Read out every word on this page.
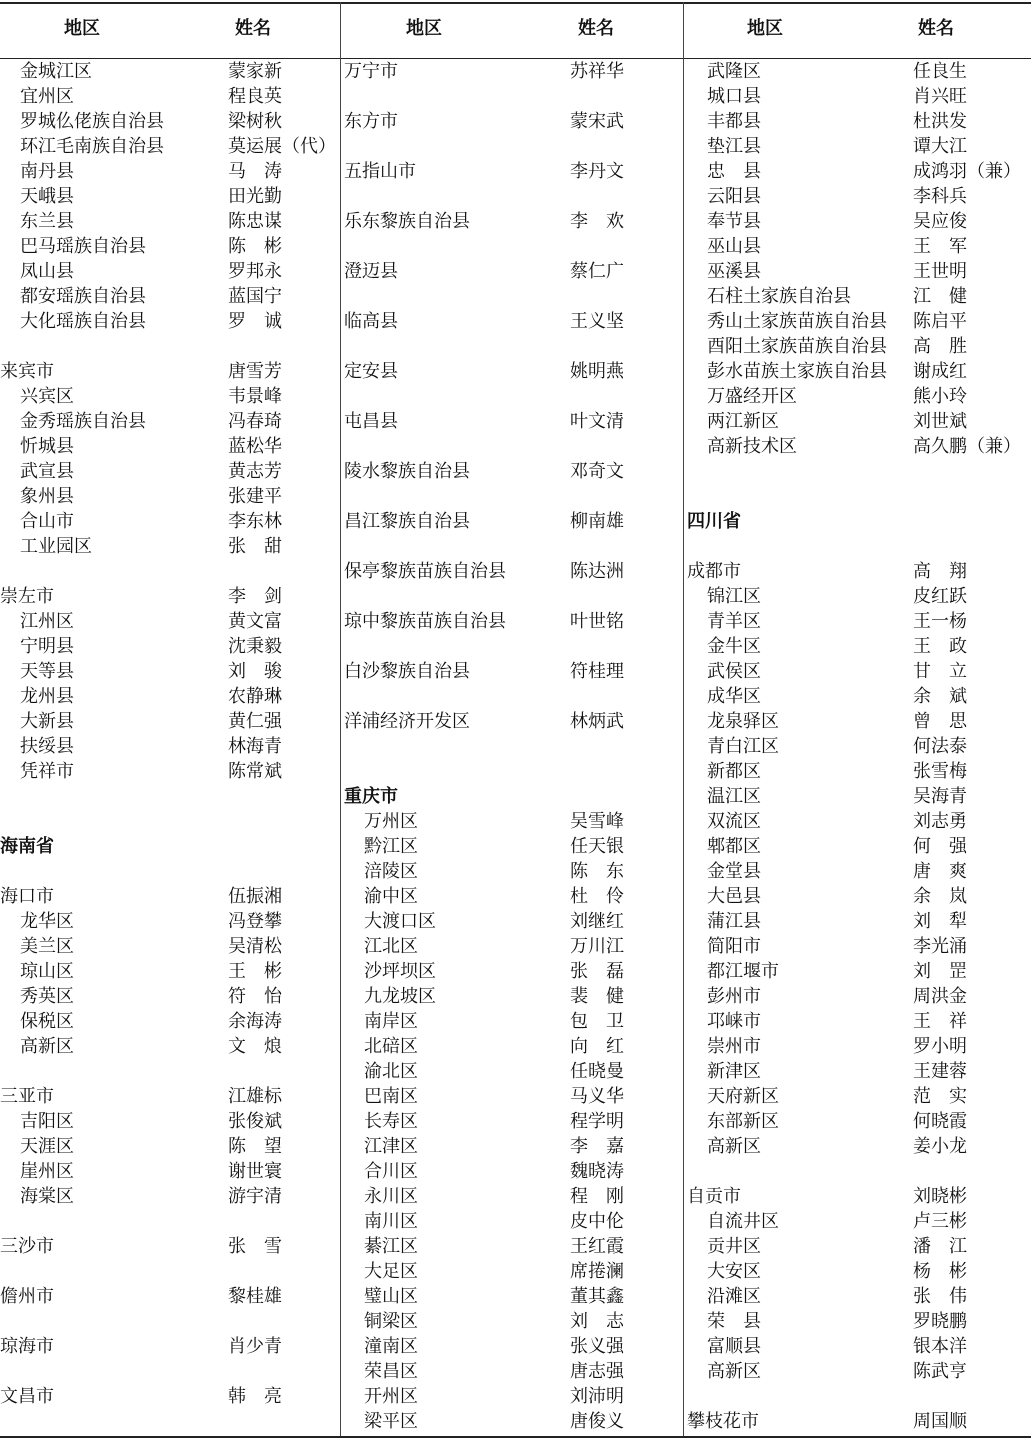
地区	姓名	地区	姓名	地区	姓名
金城江区	蒙家新
宜州区	程良英
罗城仫佬族自治县	梁树秋
环江毛南族自治县	莫运展（代）
南丹县	马　涛
天峨县	田光勤
东兰县	陈忠谋
巴马瑶族自治县	陈　彬
凤山县	罗邦永
都安瑶族自治县	蓝国宁
大化瑶族自治县	罗　诚
来宾市	唐雪芳
兴宾区	韦景峰
金秀瑶族自治县	冯春琦
忻城县	蓝松华
武宣县	黄志芳
象州县	张建平
合山市	李东林
工业园区	张　甜
崇左市	李　剑
江州区	黄文富
宁明县	沈秉毅
天等县	刘　骏
龙州县	农静琳
大新县	黄仁强
扶绥县	林海青
凭祥市	陈常斌
海南省
海口市	伍振湘
龙华区	冯登攀
美兰区	吴清松
琼山区	王　彬
秀英区	符　怡
保税区	余海涛
高新区	文　烺
三亚市	江雄标
吉阳区	张俊斌
天涯区	陈　望
崖州区	谢世寰
海棠区	游宇清
三沙市	张　雪
儋州市	黎桂雄
琼海市	肖少青
文昌市	韩　亮
万宁市	苏祥华
东方市	蒙宋武
五指山市	李丹文
乐东黎族自治县	李　欢
澄迈县	蔡仁广
临高县	王义坚
定安县	姚明燕
屯昌县	叶文清
陵水黎族自治县	邓奇文
昌江黎族自治县	柳南雄
保亭黎族苗族自治县	陈达洲
琼中黎族苗族自治县	叶世铭
白沙黎族自治县	符桂理
洋浦经济开发区	林炳武
重庆市
万州区	吴雪峰
黔江区	任天银
涪陵区	陈　东
渝中区	杜　伶
大渡口区	刘继红
江北区	万川江
沙坪坝区	张　磊
九龙坡区	裴　健
南岸区	包　卫
北碚区	向　红
渝北区	任晓曼
巴南区	马义华
长寿区	程学明
江津区	李　嘉
合川区	魏晓涛
永川区	程　刚
南川区	皮中伦
綦江区	王红霞
大足区	席捲澜
璧山区	董其鑫
铜梁区	刘　志
潼南区	张义强
荣昌区	唐志强
开州区	刘沛明
梁平区	唐俊义
武隆区	任良生
城口县	肖兴旺
丰都县	杜洪发
垫江县	谭大江
忠　县	成鸿羽（兼）
云阳县	李科兵
奉节县	吴应俊
巫山县	王　军
巫溪县	王世明
石柱土家族自治县	江　健
秀山土家族苗族自治县 陈启平
酉阳土家族苗族自治县 高　胜
彭水苗族土家族自治县 谢成红
万盛经开区	熊小玲
两江新区	刘世斌
高新技术区	高久鹏（兼）
四川省
成都市	高　翔
锦江区	皮红跃
青羊区	王一杨
金牛区	王　政
武侯区	甘　立
成华区	余　斌
龙泉驿区	曾　思
青白江区	何法泰
新都区	张雪梅
温江区	吴海青
双流区	刘志勇
郫都区	何　强
金堂县	唐　爽
大邑县	余　岚
蒲江县	刘　犁
简阳市	李光涌
都江堰市	刘　罡
彭州市	周洪金
邛崃市	王　祥
崇州市	罗小明
新津区	王建蓉
天府新区	范　实
东部新区	何晓霞
高新区	姜小龙
自贡市	刘晓彬
自流井区	卢三彬
贡井区	潘　江
大安区	杨　彬
沿滩区	张　伟
荣　县	罗晓鹏
富顺县	银本洋
高新区	陈武亨
攀枝花市	周国顺
